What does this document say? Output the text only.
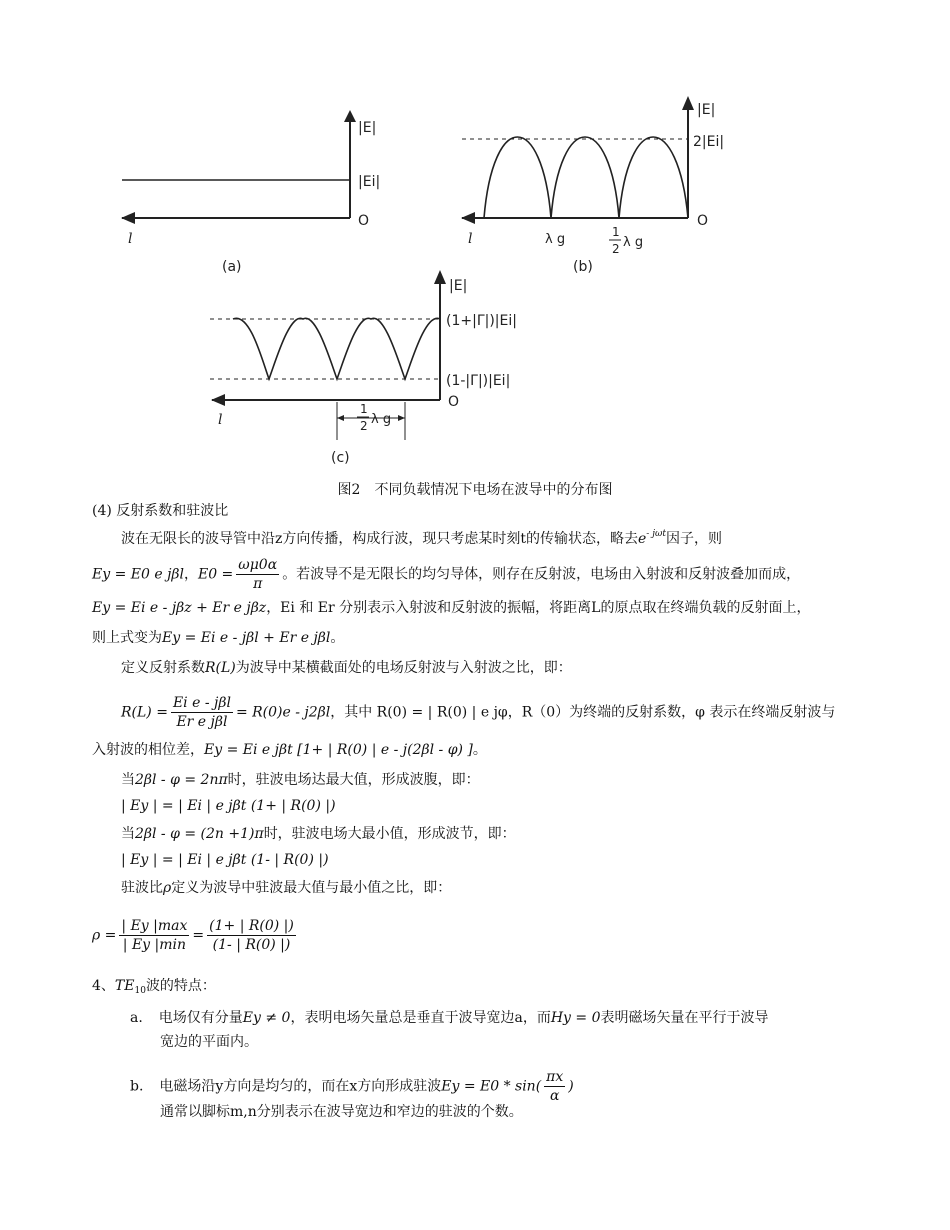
|E|
|Ei|
O
l
(a)
|E|
2|Ei|
O
l	λ g	1
2 λ g
(b)
|E|
(1+|Γ|)|Ei|
(1-|Γ|)|Ei|
O
l
1
2 λ g
(c)
图2　不同负载情况下电场在波导中的分布图
(4) 反射系数和驻波比
波在无限长的波导管中沿z方向传播，构成行波，现只考虑某时刻t的传输状态，略去$e^{- j\omega t}$因子，则
Ey = E0 e jβl，$E0 = \frac{\omega\mu 0\alpha}{\pi}$ 。若波导不是无限长的均匀导体，则存在反射波，电场由入射波和反射波叠加而成，
Ey = Ei e - jβz + Er e jβz，Ei 和 Er 分别表示入射波和反射波的振幅，将距离L的原点取在终端负载的反射面上，
则上式变为Ey = Ei e - jβl + Er e jβl。
定义反射系数R(L)为波导中某横截面处的电场反射波与入射波之比，即：
$R(L) = \frac{\text{Ei e - jβl}}{\text{Er e jβl}} = R(0)e - j2\beta l$，其中 R(0) = | R(0) | e jφ，R（0）为终端的反射系数，φ 表示在终端反射波与
入射波的相位差，Ey = Ei e jβt [1+ | R(0) | e - j(2βl - φ) ]。
当2βl - φ = 2nπ时，驻波电场达最大值，形成波腹，即：
| Ey | = | Ei | e jβt (1+ | R(0) |)
当2βl - φ = (2n +1)π时，驻波电场大最小值，形成波节，即：
| Ey | = | Ei | e jβt (1- | R(0) |)
驻波比ρ定义为波导中驻波最大值与最小值之比，即：
$\rho = \frac{| Ey |\max}{| Ey |\min} = \frac{(1+ | R(0) |)}{(1- | R(0) |)}$
4、$TE_{10}$波的特点：
a. 电场仅有分量Ey ≠ 0，表明电场矢量总是垂直于波导宽边a，而Hy = 0表明磁场矢量在平行于波导
宽边的平面内。
b. 电磁场沿y方向是均匀的，而在x方向形成驻波$Ey = E0 * \sin( \frac{\pi x}{\alpha}$ )
通常以脚标m,n分别表示在波导宽边和窄边的驻波的个数。
